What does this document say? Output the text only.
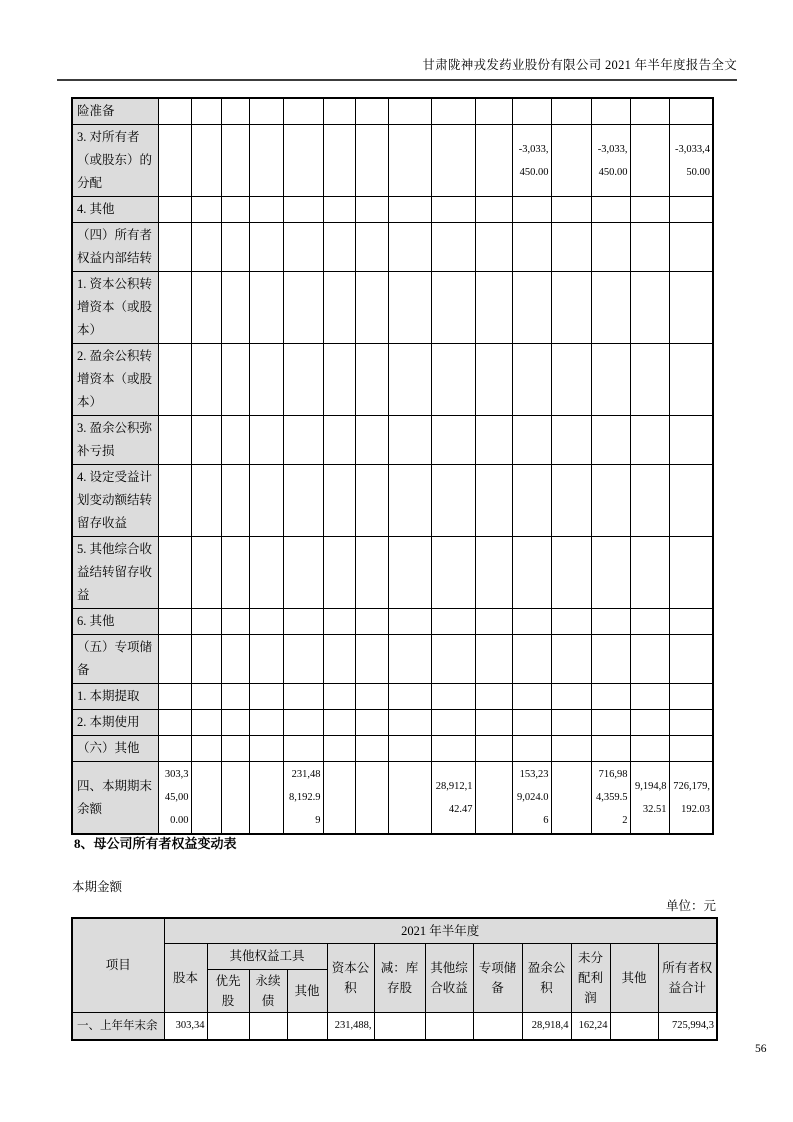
甘肃陇神戎发药业股份有限公司 2021 年半年度报告全文
险准备															
3. 对所有者（或股东）的分配											-3,033,450.00		-3,033,450.00		-3,033,450.00
4. 其他															
（四）所有者权益内部结转															
1. 资本公积转增资本（或股本）															
2. 盈余公积转增资本（或股本）															
3. 盈余公积弥补亏损															
4. 设定受益计划变动额结转留存收益															
5. 其他综合收益结转留存收益															
6. 其他															
（五）专项储备															
1. 本期提取															
2. 本期使用															
（六）其他															
四、本期期末余额	303,345,000.00				231,488,192.99				28,912,142.47		153,239,024.06		716,984,359.52	9,194,832.51	726,179,192.03
8、母公司所有者权益变动表
本期金额
单位：元
项目	2021 年半年度											
	股本	其他权益工具			资本公积	减：库存股	其他综合收益	专项储备	盈余公积	未分配利润	其他	所有者权益合计
		优先股	永续债	其他								
一、上年年末余	303,34				231,488,				28,918,4	162,24		725,994,3
56
